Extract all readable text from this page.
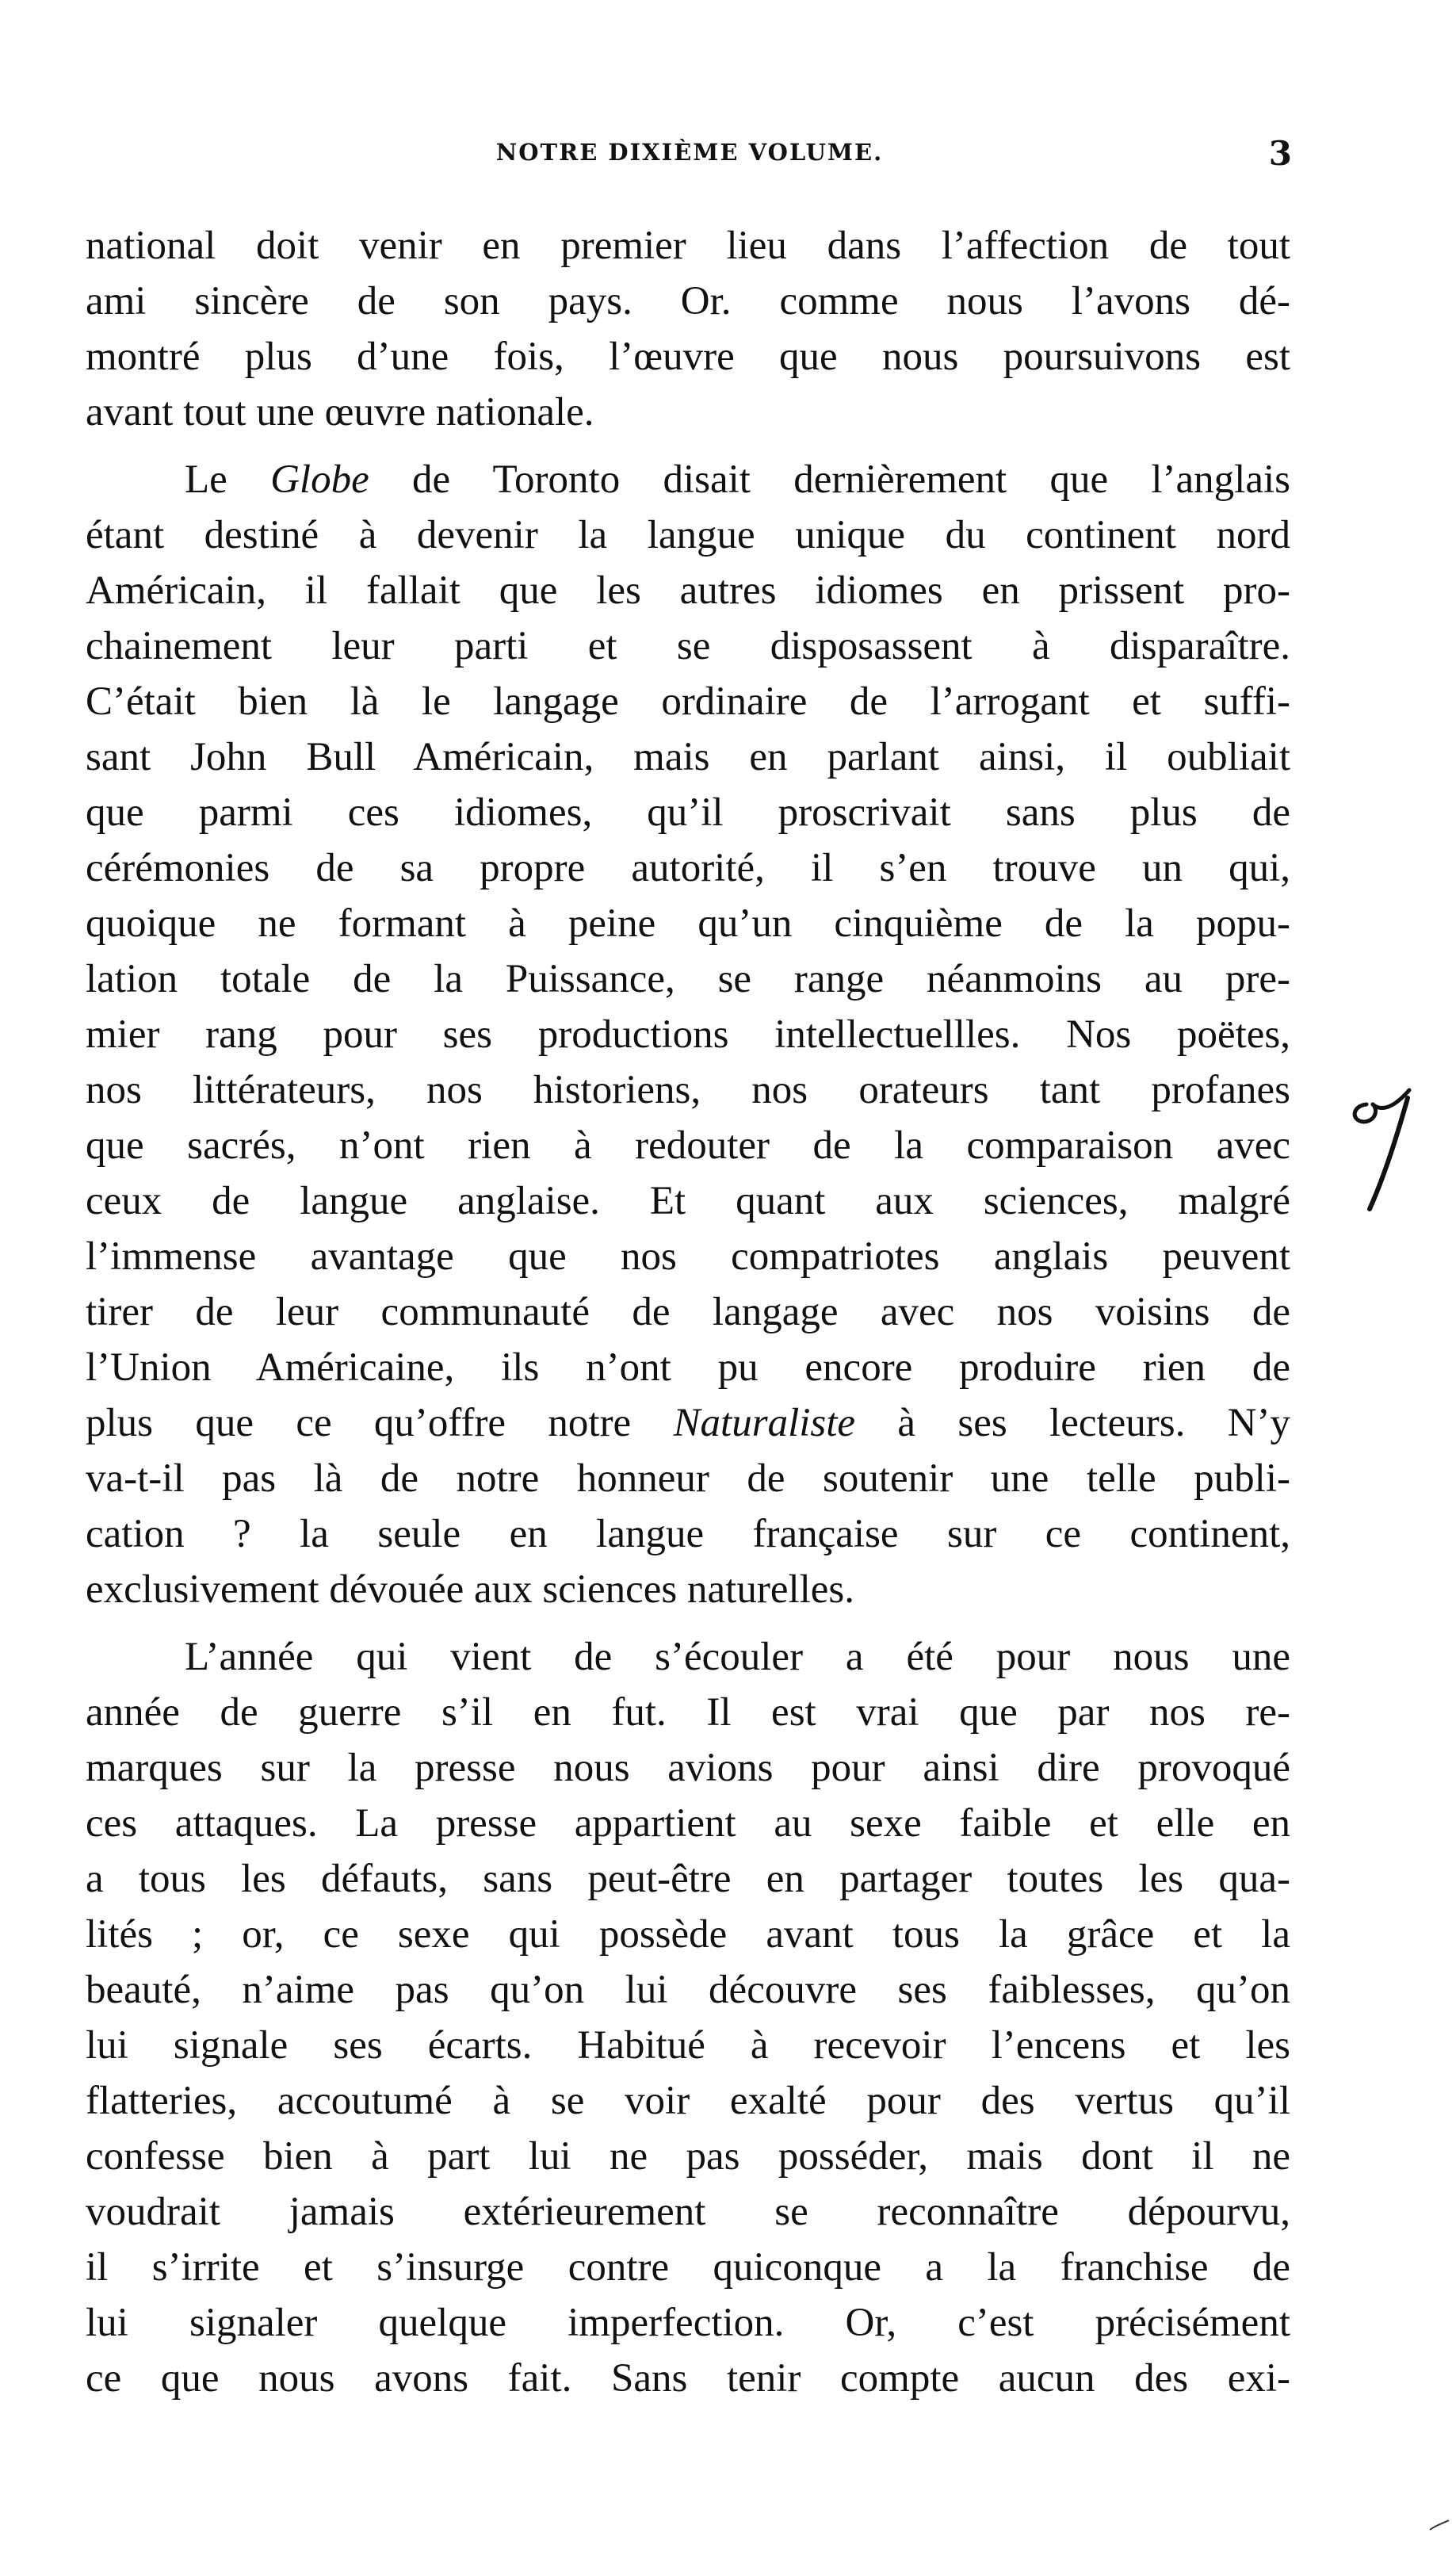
NOTRE DIXIÈME VOLUME.	3
national doit venir en premier lieu dans l’affection de tout
ami sincère de son pays. Or. comme nous l’avons dé-
montré plus d’une fois, l’œuvre que nous poursuivons est
avant tout une œuvre nationale.
Le Globe de Toronto disait dernièrement que l’anglais
étant destiné à devenir la langue unique du continent nord
Américain, il fallait que les autres idiomes en prissent pro-
chainement leur parti et se disposassent à disparaître.
C’était bien là le langage ordinaire de l’arrogant et suffi-
sant John Bull Américain, mais en parlant ainsi, il oubliait
que parmi ces idiomes, qu’il proscrivait sans plus de
cérémonies de sa propre autorité, il s’en trouve un qui,
quoique ne formant à peine qu’un cinquième de la popu-
lation totale de la Puissance, se range néanmoins au pre-
mier rang pour ses productions intellectuellles. Nos poëtes,
nos littérateurs, nos historiens, nos orateurs tant profanes
que sacrés, n’ont rien à redouter de la comparaison avec
ceux de langue anglaise. Et quant aux sciences, malgré
l’immense avantage que nos compatriotes anglais peuvent
tirer de leur communauté de langage avec nos voisins de
l’Union Américaine, ils n’ont pu encore produire rien de
plus que ce qu’offre notre Naturaliste à ses lecteurs. N’y
va-t-il pas là de notre honneur de soutenir une telle publi-
cation ? la seule en langue française sur ce continent,
exclusivement dévouée aux sciences naturelles.
L’année qui vient de s’écouler a été pour nous une
année de guerre s’il en fut. Il est vrai que par nos re-
marques sur la presse nous avions pour ainsi dire provoqué
ces attaques. La presse appartient au sexe faible et elle en
a tous les défauts, sans peut-être en partager toutes les qua-
lités ; or, ce sexe qui possède avant tous la grâce et la
beauté, n’aime pas qu’on lui découvre ses faiblesses, qu’on
lui signale ses écarts. Habitué à recevoir l’encens et les
flatteries, accoutumé à se voir exalté pour des vertus qu’il
confesse bien à part lui ne pas posséder, mais dont il ne
voudrait jamais extérieurement se reconnaître dépourvu,
il s’irrite et s’insurge contre quiconque a la franchise de
lui signaler quelque imperfection. Or, c’est précisément
ce que nous avons fait. Sans tenir compte aucun des exi-
